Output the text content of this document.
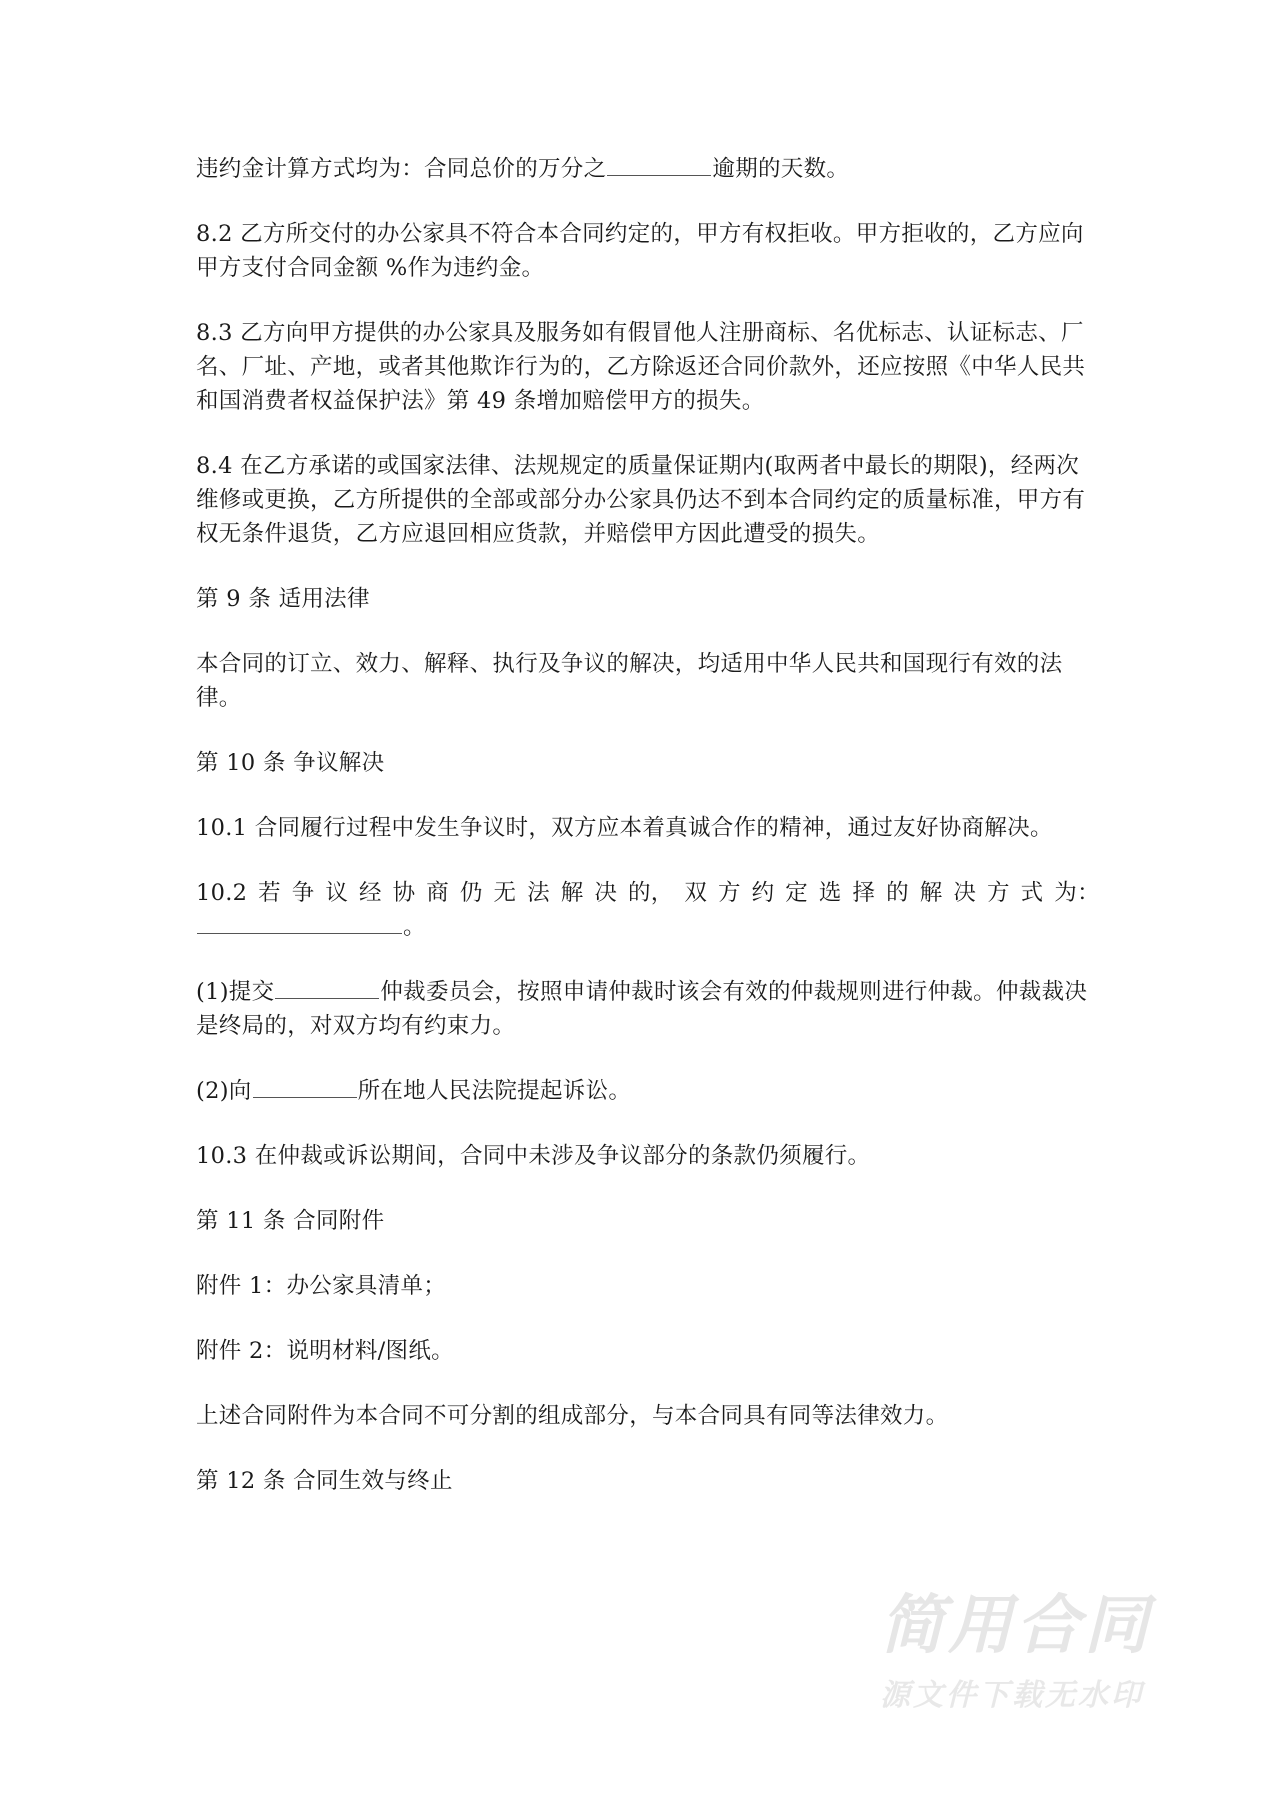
违约金计算方式均为：合同总价的万分之	逾期的天数。

8.2 乙方所交付的办公家具不符合本合同约定的，甲方有权拒收。甲方拒收的，乙方应向甲方支付合同金额 %作为违约金。

8.3 乙方向甲方提供的办公家具及服务如有假冒他人注册商标、名优标志、认证标志、厂名、厂址、产地，或者其他欺诈行为的，乙方除返还合同价款外，还应按照《中华人民共和国消费者权益保护法》第 49 条增加赔偿甲方的损失。

8.4 在乙方承诺的或国家法律、法规规定的质量保证期内(取两者中最长的期限)，经两次维修或更换，乙方所提供的全部或部分办公家具仍达不到本合同约定的质量标准，甲方有权无条件退货，乙方应退回相应货款，并赔偿甲方因此遭受的损失。

第 9 条 适用法律

本合同的订立、效力、解释、执行及争议的解决，均适用中华人民共和国现行有效的法律。

第 10 条 争议解决

10.1 合同履行过程中发生争议时，双方应本着真诚合作的精神，通过友好协商解决。

10.2 若 争 议 经 协 商 仍 无 法 解 决 的， 双 方 约 定 选 择 的 解 决 方 式 为：
。

(1)提交	仲裁委员会，按照申请仲裁时该会有效的仲裁规则进行仲裁。仲裁裁决是终局的，对双方均有约束力。

(2)向	所在地人民法院提起诉讼。

10.3 在仲裁或诉讼期间，合同中未涉及争议部分的条款仍须履行。

第 11 条 合同附件

附件 1：办公家具清单；

附件 2：说明材料/图纸。

上述合同附件为本合同不可分割的组成部分，与本合同具有同等法律效力。

第 12 条 合同生效与终止

简用合同
源文件下载无水印
